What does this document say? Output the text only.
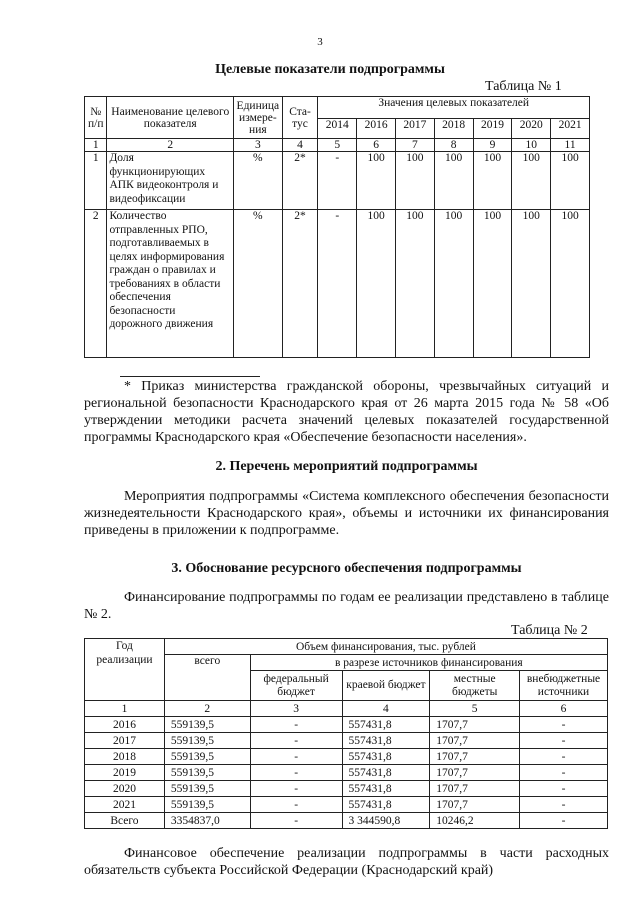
3
Целевые показатели подпрограммы
Таблица № 1
№ п/п	Наименование целевого показателя	Единица измере-ния	Ста-тус	Значения целевых показателей						
				2014	2016	2017	2018	2019	2020	2021
1	2	3	4	5	6	7	8	9	10	11
1	Доля функционирующих АПК видеоконтроля и видеофиксации	%	2*	-	100	100	100	100	100	100
2	Количество отправленных РПО, подготавливаемых в целях информирования граждан о правилах и требованиях в области обеспечения безопасности дорожного движения	%	2*	-	100	100	100	100	100	100

* Приказ министерства гражданской обороны, чрезвычайных ситуаций и региональной безопасности Краснодарского края от 26 марта 2015 года № 58 «Об утверждении методики расчета значений целевых показателей государственной программы Краснодарского края «Обеспечение безопасности населения».

2. Перечень мероприятий подпрограммы

Мероприятия подпрограммы «Система комплексного обеспечения безопасности жизнедеятельности Краснодарского края», объемы и источники их финансирования приведены в приложении к подпрограмме.

3. Обоснование ресурсного обеспечения подпрограммы

Финансирование подпрограммы по годам ее реализации представлено в таблице № 2.

Таблица № 2
Год реализации	Объем финансирования, тыс. рублей				
	всего	в разрезе источников финансирования			
		федеральный бюджет	краевой бюджет	местные бюджеты	внебюджетные источники
1	2	3	4	5	6
2016	559139,5	-	557431,8	1707,7	-
2017	559139,5	-	557431,8	1707,7	-
2018	559139,5	-	557431,8	1707,7	-
2019	559139,5	-	557431,8	1707,7	-
2020	559139,5	-	557431,8	1707,7	-
2021	559139,5	-	557431,8	1707,7	-
Всего	3354837,0	-	3 344590,8	10246,2	-

Финансовое обеспечение реализации подпрограммы в части расходных обязательств субъекта Российской Федерации (Краснодарский край)
